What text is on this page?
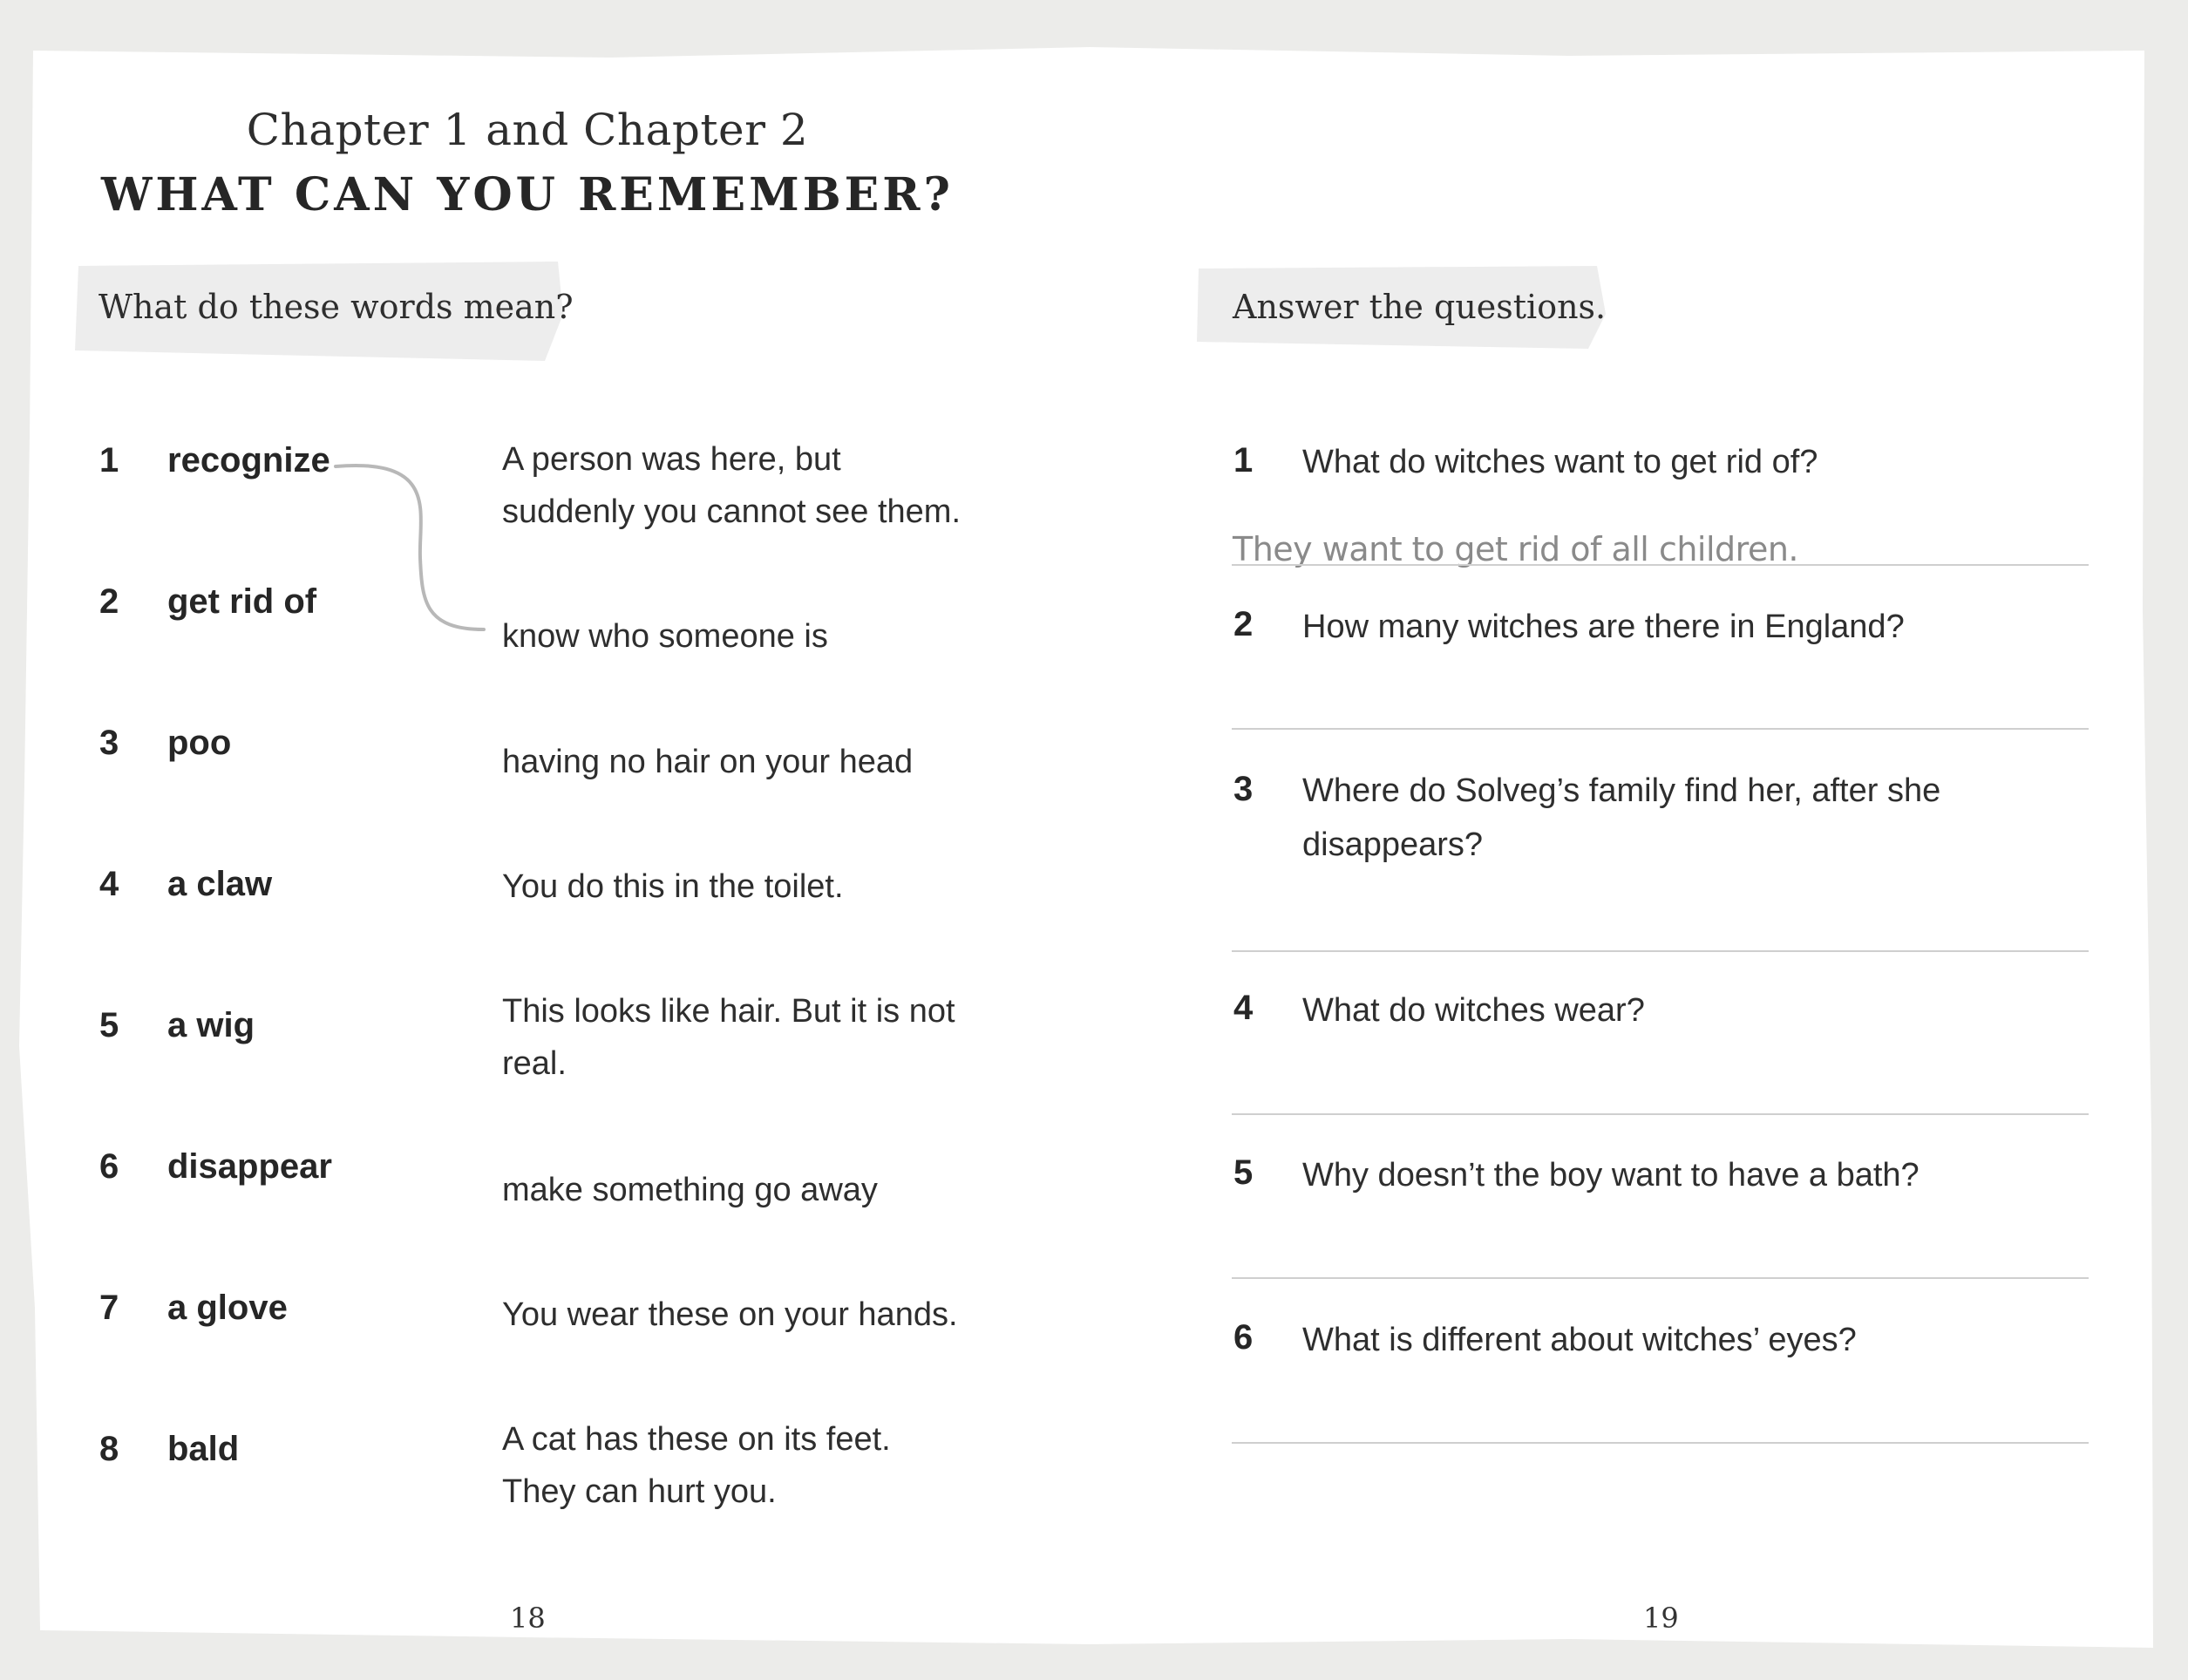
Chapter 1 and Chapter 2
WHAT CAN YOU REMEMBER?
What do these words mean?	Answer the questions.
1 recognize
2 get rid of
3 poo
4 a claw
5 a wig
6 disappear
7 a glove
8 bald
A person was here, but
suddenly you cannot see them.
know who someone is
having no hair on your head
You do this in the toilet.
This looks like hair. But it is not
real.
make something go away
You wear these on your hands.
A cat has these on its feet.
They can hurt you.
1 What do witches want to get rid of?
They want to get rid of all children.
2 How many witches are there in England?
3 Where do Solveg’s family find her, after she
disappears?
4 What do witches wear?
5 Why doesn’t the boy want to have a bath?
6 What is different about witches’ eyes?
18	19
